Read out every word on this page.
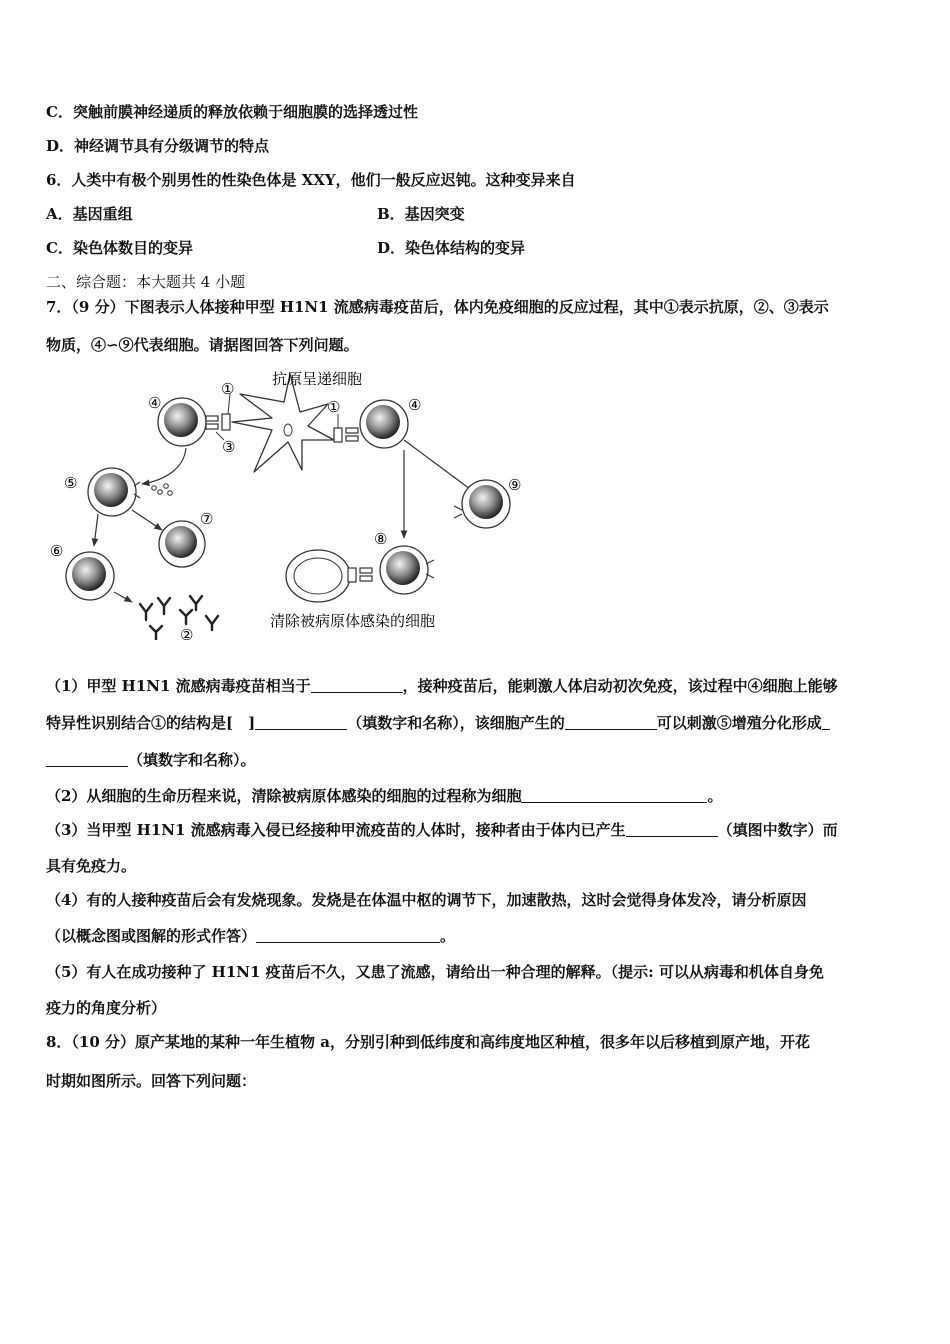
C．突触前膜神经递质的释放依赖于细胞膜的选择透过性
D．神经调节具有分级调节的特点
6．人类中有极个别男性的性染色体是 XXY，他们一般反应迟钝。这种变异来自
A．基因重组	B．基因突变
C．染色体数目的变异	D．染色体结构的变异
二、综合题：本大题共 4 小题
7．（9 分）下图表示人体接种甲型 H1N1 流感病毒疫苗后，体内免疫细胞的反应过程，其中①表示抗原，②、③表示
物质，④∽⑨代表细胞。请据图回答下列问题。
④
①
③
抗原呈递细胞
①	④
⑨
⑤
⑦
⑥
②
⑧
清除被病原体感染的细胞
（1）甲型 H1N1 流感病毒疫苗相当于	，接种疫苗后，能刺激人体启动初次免疫，该过程中④细胞上能够
特异性识别结合①的结构是[　]	（填数字和名称），该细胞产生的	可以刺激⑤增殖分化形成
（填数字和名称）。
（2）从细胞的生命历程来说，清除被病原体感染的细胞的过程称为细胞	。
（3）当甲型 H1N1 流感病毒入侵已经接种甲流疫苗的人体时，接种者由于体内已产生	（填图中数字）而
具有免疫力。
（4）有的人接种疫苗后会有发烧现象。发烧是在体温中枢的调节下，加速散热，这时会觉得身体发冷，请分析原因
（以概念图或图解的形式作答）	。
（5）有人在成功接种了 H1N1 疫苗后不久，又患了流感，请给出一种合理的解释。（提示: 可以从病毒和机体自身免
疫力的角度分析）
8．（10 分）原产某地的某种一年生植物 a，分别引种到低纬度和高纬度地区种植，很多年以后移植到原产地，开花
时期如图所示。回答下列问题：
